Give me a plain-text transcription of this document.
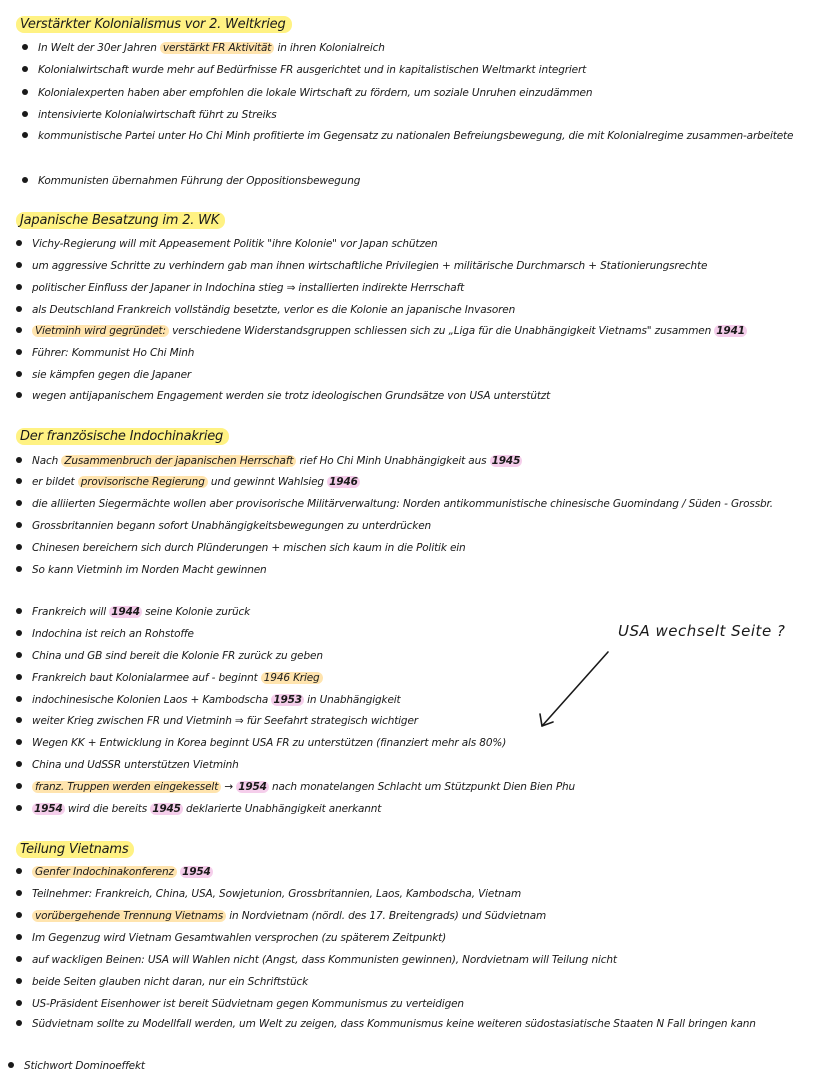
Verstärkter Kolonialismus vor 2. Weltkrieg
In Welt der 30er Jahren verstärkt FR Aktivität in ihren Kolonialreich
Kolonialwirtschaft wurde mehr auf Bedürfnisse FR ausgerichtet und in kapitalistischen Weltmarkt integriert
Kolonialexperten haben aber empfohlen die lokale Wirtschaft zu fördern, um soziale Unruhen einzudämmen
intensivierte Kolonialwirtschaft führt zu Streiks
kommunistische Partei unter Ho Chi Minh profitierte im Gegensatz zu nationalen Befreiungsbewegung, die mit Kolonialregime zusammen-arbeitete
Kommunisten übernahmen Führung der Oppositionsbewegung
Japanische Besatzung im 2. WK
Vichy-Regierung will mit Appeasement Politik "ihre Kolonie" vor Japan schützen
um aggressive Schritte zu verhindern gab man ihnen wirtschaftliche Privilegien + militärische Durchmarsch + Stationierungsrechte
politischer Einfluss der Japaner in Indochina stieg ⇒ installierten indirekte Herrschaft
als Deutschland Frankreich vollständig besetzte, verlor es die Kolonie an japanische Invasoren
Vietminh wird gegründet: verschiedene Widerstandsgruppen schliessen sich zu „Liga für die Unabhängigkeit Vietnams" zusammen 1941
Führer: Kommunist Ho Chi Minh
sie kämpfen gegen die Japaner
wegen antijapanischem Engagement werden sie trotz ideologischen Grundsätze von USA unterstützt
Der französische Indochinakrieg
Nach Zusammenbruch der japanischen Herrschaft rief Ho Chi Minh Unabhängigkeit aus 1945
er bildet provisorische Regierung und gewinnt Wahlsieg 1946
die alliierten Siegermächte wollen aber provisorische Militärverwaltung: Norden antikommunistische chinesische Guomindang / Süden - Grossbr.
Grossbritannien begann sofort Unabhängigkeitsbewegungen zu unterdrücken
Chinesen bereichern sich durch Plünderungen + mischen sich kaum in die Politik ein
So kann Vietminh im Norden Macht gewinnen
Frankreich will 1944 seine Kolonie zurück
Indochina ist reich an Rohstoffe
China und GB sind bereit die Kolonie FR zurück zu geben
Frankreich baut Kolonialarmee auf - beginnt 1946 Krieg
indochinesische Kolonien Laos + Kambodscha 1953 in Unabhängigkeit
weiter Krieg zwischen FR und Vietminh ⇒ für Seefahrt strategisch wichtiger
Wegen KK + Entwicklung in Korea beginnt USA FR zu unterstützen (finanziert mehr als 80%)
China und UdSSR unterstützen Vietminh
franz. Truppen werden eingekesselt → 1954 nach monatelangen Schlacht um Stützpunkt Dien Bien Phu
1954 wird die bereits 1945 deklarierte Unabhängigkeit anerkannt
USA wechselt Seite ?
Teilung Vietnams
Genfer Indochinakonferenz 1954
Teilnehmer: Frankreich, China, USA, Sowjetunion, Grossbritannien, Laos, Kambodscha, Vietnam
vorübergehende Trennung Vietnams in Nordvietnam (nördl. des 17. Breitengrads) und Südvietnam
Im Gegenzug wird Vietnam Gesamtwahlen versprochen (zu späterem Zeitpunkt)
auf wackligen Beinen: USA will Wahlen nicht (Angst, dass Kommunisten gewinnen), Nordvietnam will Teilung nicht
beide Seiten glauben nicht daran, nur ein Schriftstück
US-Präsident Eisenhower ist bereit Südvietnam gegen Kommunismus zu verteidigen
Südvietnam sollte zu Modellfall werden, um Welt zu zeigen, dass Kommunismus keine weiteren südostasiatische Staaten N Fall bringen kann
Stichwort Dominoeffekt
